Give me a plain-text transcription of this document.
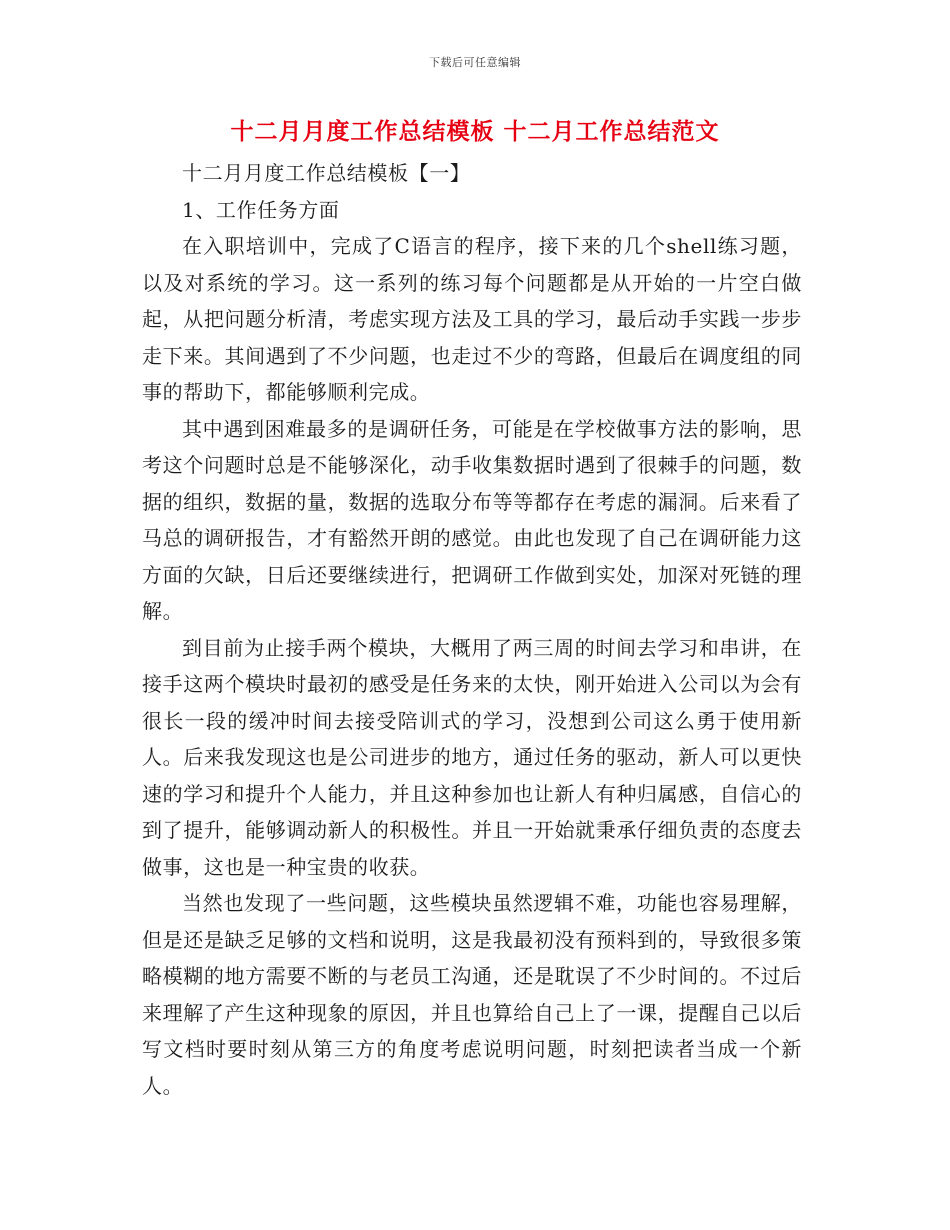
下载后可任意编辑
十二月月度工作总结模板 十二月工作总结范文

十二月月度工作总结模板【一】

1、工作任务方面

在入职培训中，完成了C语言的程序，接下来的几个shell练习题，以及对系统的学习。这一系列的练习每个问题都是从开始的一片空白做起，从把问题分析清，考虑实现方法及工具的学习，最后动手实践一步步走下来。其间遇到了不少问题，也走过不少的弯路，但最后在调度组的同事的帮助下，都能够顺利完成。

其中遇到困难最多的是调研任务，可能是在学校做事方法的影响，思考这个问题时总是不能够深化，动手收集数据时遇到了很棘手的问题，数据的组织，数据的量，数据的选取分布等等都存在考虑的漏洞。后来看了马总的调研报告，才有豁然开朗的感觉。由此也发现了自己在调研能力这方面的欠缺，日后还要继续进行，把调研工作做到实处，加深对死链的理解。

到目前为止接手两个模块，大概用了两三周的时间去学习和串讲，在接手这两个模块时最初的感受是任务来的太快，刚开始进入公司以为会有很长一段的缓冲时间去接受陪训式的学习，没想到公司这么勇于使用新人。后来我发现这也是公司进步的地方，通过任务的驱动，新人可以更快速的学习和提升个人能力，并且这种参加也让新人有种归属感，自信心的到了提升，能够调动新人的积极性。并且一开始就秉承仔细负责的态度去做事，这也是一种宝贵的收获。

当然也发现了一些问题，这些模块虽然逻辑不难，功能也容易理解，但是还是缺乏足够的文档和说明，这是我最初没有预料到的，导致很多策略模糊的地方需要不断的与老员工沟通，还是耽误了不少时间的。不过后来理解了产生这种现象的原因，并且也算给自己上了一课，提醒自己以后写文档时要时刻从第三方的角度考虑说明问题，时刻把读者当成一个新人。
